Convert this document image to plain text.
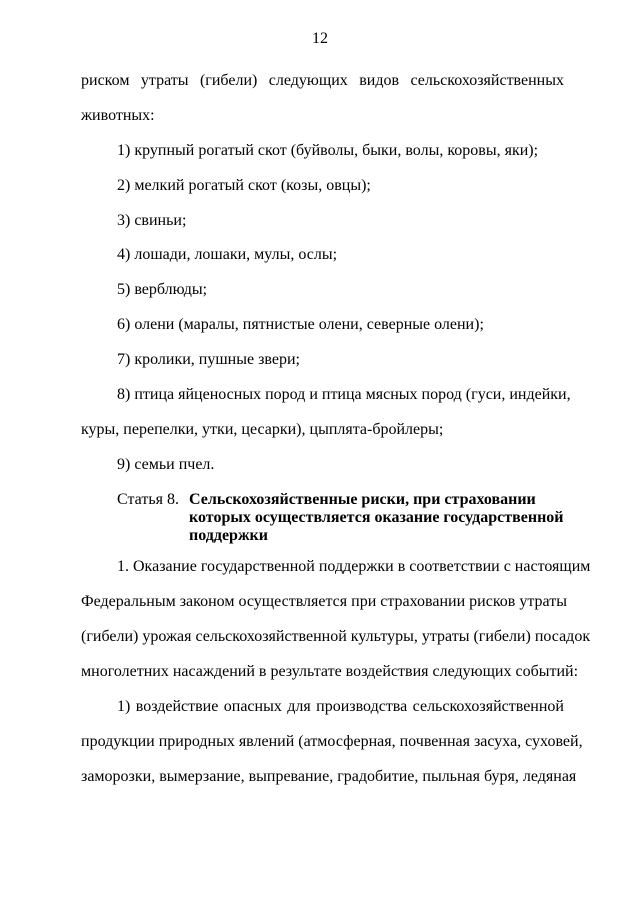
12
риском утраты (гибели) следующих видов сельскохозяйственных
животных:
1) крупный рогатый скот (буйволы, быки, волы, коровы, яки);
2) мелкий рогатый скот (козы, овцы);
3) свиньи;
4) лошади, лошаки, мулы, ослы;
5) верблюды;
6) олени (маралы, пятнистые олени, северные олени);
7) кролики, пушные звери;
8) птица яйценосных пород и птица мясных пород (гуси, индейки,
куры, перепелки, утки, цесарки), цыплята-бройлеры;
9) семьи пчел.
Статья 8. Сельскохозяйственные риски, при страховании
которых осуществляется оказание государственной
поддержки
1. Оказание государственной поддержки в соответствии с настоящим
Федеральным законом осуществляется при страховании рисков утраты
(гибели) урожая сельскохозяйственной культуры, утраты (гибели) посадок
многолетних насаждений в результате воздействия следующих событий:
1) воздействие опасных для производства сельскохозяйственной
продукции природных явлений (атмосферная, почвенная засуха, суховей,
заморозки, вымерзание, выпревание, градобитие, пыльная буря, ледяная
